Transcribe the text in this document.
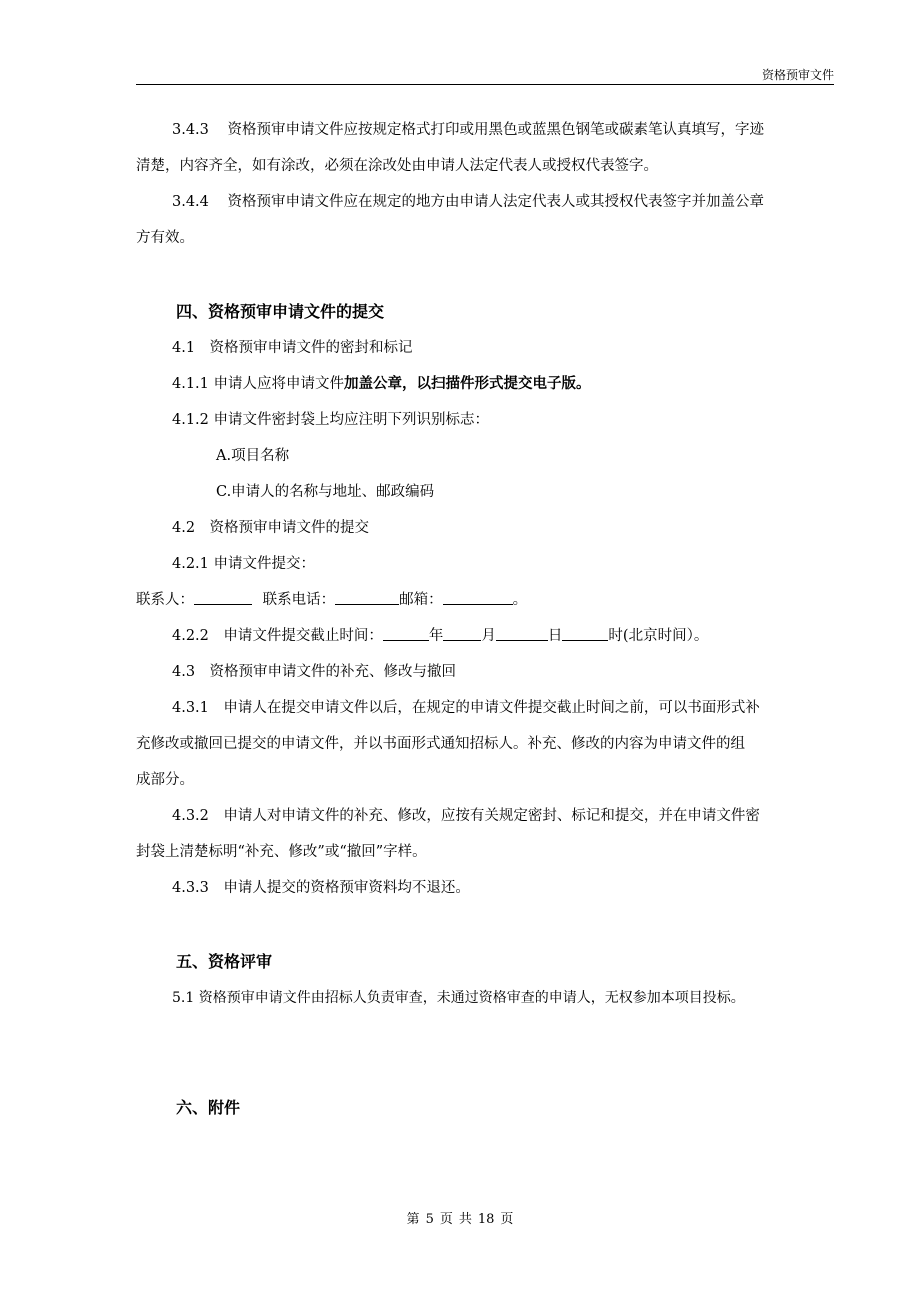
资格预审文件
3.4.3 资格预审申请文件应按规定格式打印或用黑色或蓝黑色钢笔或碳素笔认真填写，字迹
清楚，内容齐全，如有涂改，必须在涂改处由申请人法定代表人或授权代表签字。
3.4.4 资格预审申请文件应在规定的地方由申请人法定代表人或其授权代表签字并加盖公章
方有效。
四、资格预审申请文件的提交
4.1　资格预审申请文件的密封和标记
4.1.1 申请人应将申请文件加盖公章，以扫描件形式提交电子版。
4.1.2 申请文件密封袋上均应注明下列识别标志：
A.项目名称
C.申请人的名称与地址、邮政编码
4.2　资格预审申请文件的提交
4.2.1 申请文件提交：
联系人：	联系电话：	邮箱：	。
4.2.2　申请文件提交截止时间：	年	月	日	时(北京时间）。
4.3　资格预审申请文件的补充、修改与撤回
4.3.1　申请人在提交申请文件以后，在规定的申请文件提交截止时间之前，可以书面形式补
充修改或撤回已提交的申请文件，并以书面形式通知招标人。补充、修改的内容为申请文件的组
成部分。
4.3.2　申请人对申请文件的补充、修改，应按有关规定密封、标记和提交，并在申请文件密
封袋上清楚标明“补充、修改”或“撤回”字样。
4.3.3　申请人提交的资格预审资料均不退还。
五、资格评审
5.1 资格预审申请文件由招标人负责审查，未通过资格审查的申请人，无权参加本项目投标。
六、附件
第 5 页 共 18 页
